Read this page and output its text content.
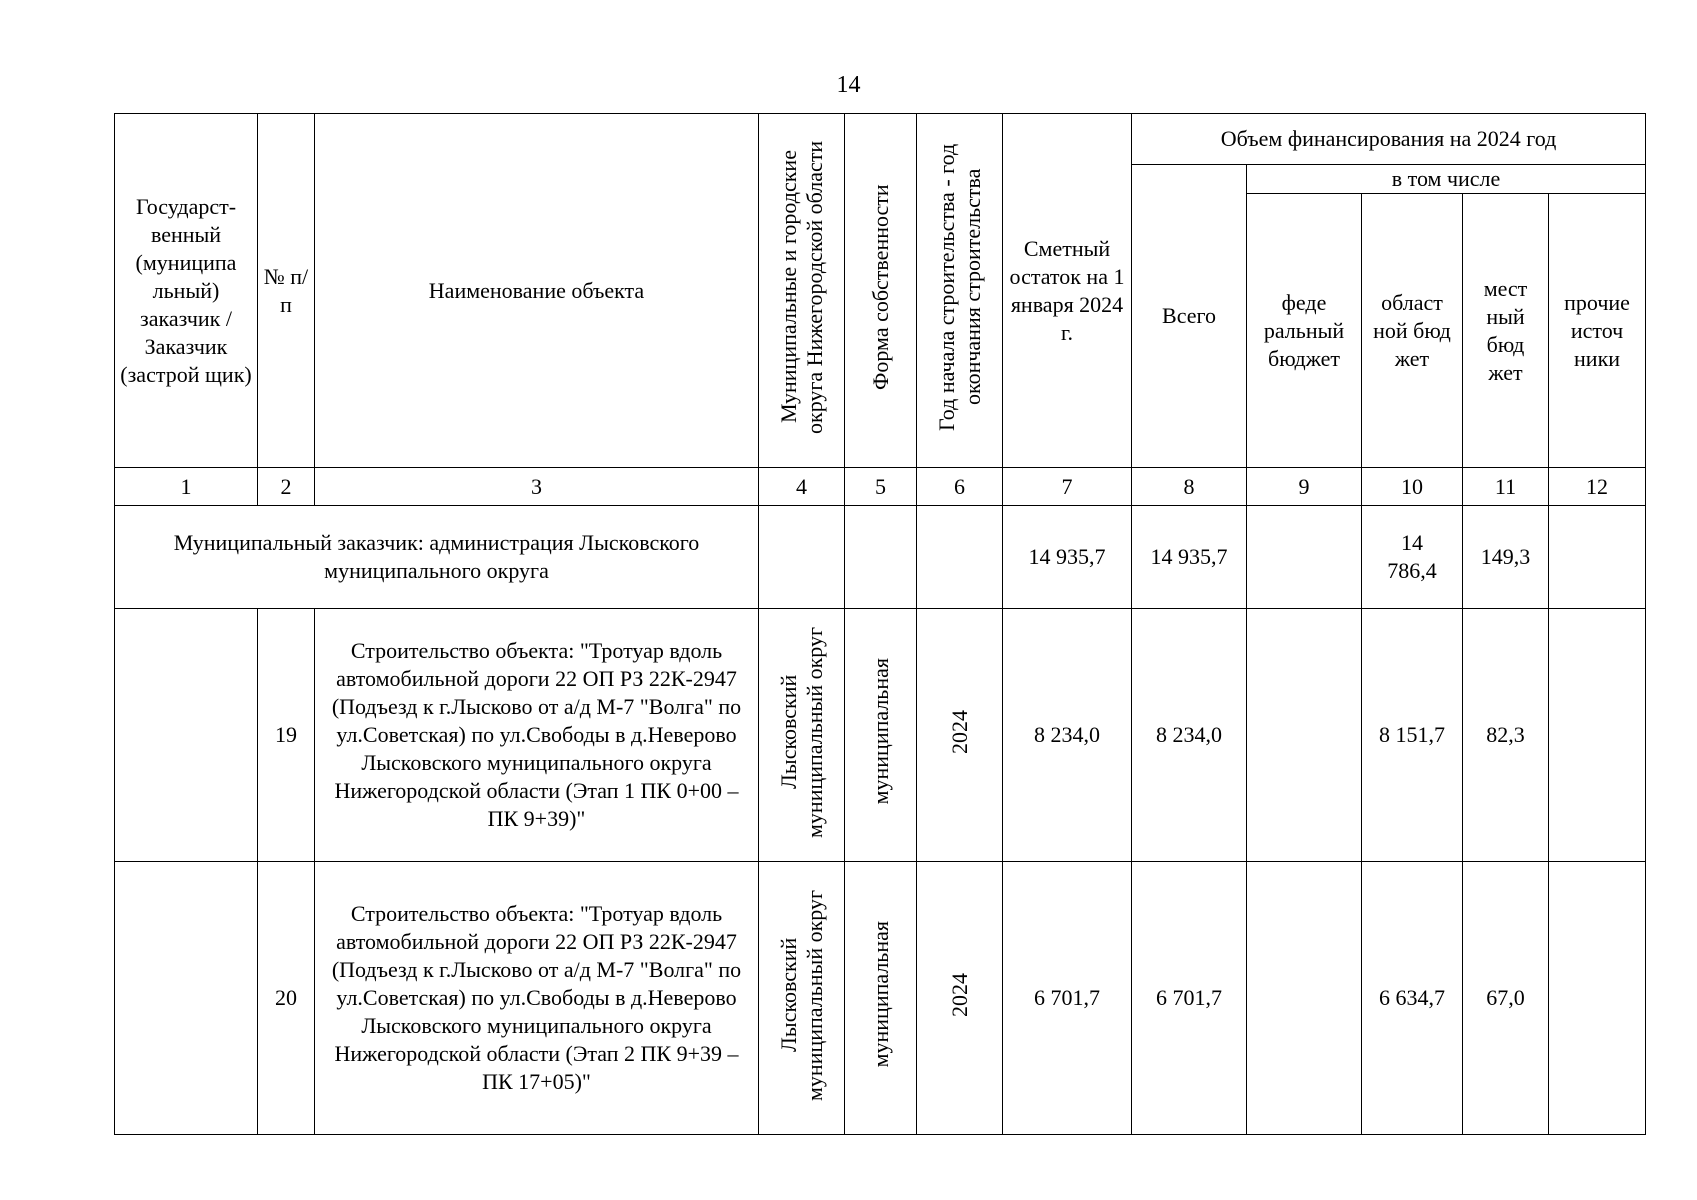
14
Государст-венный (муниципа льный) заказчик / Заказчик (застрой щик)	№ п/п	Наименование объекта	Муниципальные и городские округа Нижегородской области	Форма собственности	Год начала строительства - год окончания строительства	Сметный остаток на 1 января 2024 г.	Объем финансирования на 2024 год				
							Всего	в том числе			
								феде ральный бюджет	област ной бюд жет	мест ный бюд жет	прочие источ ники
1	2	3	4	5	6	7	8	9	10	11	12
Муниципальный заказчик: администрация Лысковского муниципального округа						14 935,7	14 935,7		14 786,4	149,3	
	19	Строительство объекта: "Тротуар вдоль автомобильной дороги 22 ОП РЗ 22К-2947 (Подъезд к г.Лысково от а/д М-7 "Волга" по ул.Советская) по ул.Свободы в д.Неверово Лысковского муниципального округа Нижегородской области (Этап 1 ПК 0+00 – ПК 9+39)"	Лысковский муниципальный округ	муниципальная	2024	8 234,0	8 234,0		8 151,7	82,3	
	20	Строительство объекта: "Тротуар вдоль автомобильной дороги 22 ОП РЗ 22К-2947 (Подъезд к г.Лысково от а/д М-7 "Волга" по ул.Советская) по ул.Свободы в д.Неверово Лысковского муниципального округа Нижегородской области (Этап 2 ПК 9+39 – ПК 17+05)"	Лысковский муниципальный округ	муниципальная	2024	6 701,7	6 701,7		6 634,7	67,0	
